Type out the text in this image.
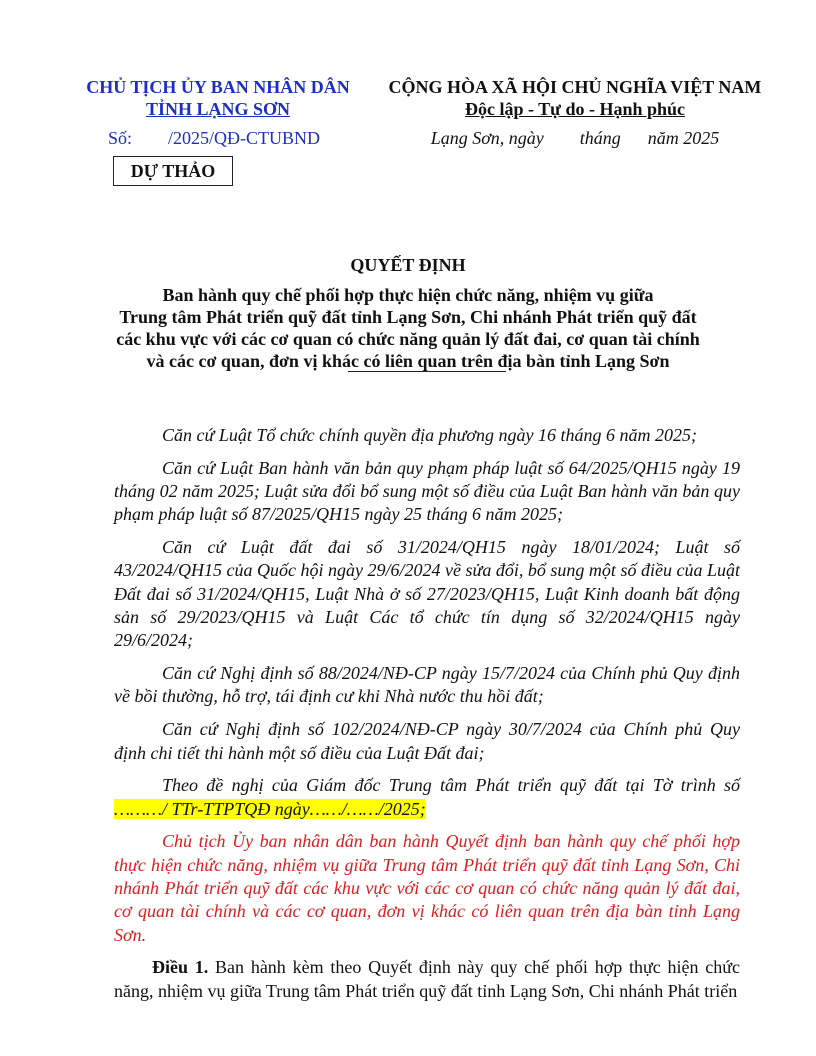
CHỦ TỊCH ỦY BAN NHÂN DÂN
TỈNH LẠNG SƠN
CỘNG HÒA XÃ HỘI CHỦ NGHĨA VIỆT NAM
Độc lập - Tự do - Hạnh phúc
Số:        /2025/QĐ-CTUBND	Lạng Sơn, ngày        tháng      năm 2025
DỰ THẢO
QUYẾT ĐỊNH
Ban hành quy chế phối hợp thực hiện chức năng, nhiệm vụ giữa
Trung tâm Phát triển quỹ đất tỉnh Lạng Sơn, Chi nhánh Phát triển quỹ đất
các khu vực với các cơ quan có chức năng quản lý đất đai, cơ quan tài chính
và các cơ quan, đơn vị khác có liên quan trên địa bàn tỉnh Lạng Sơn

Căn cứ Luật Tổ chức chính quyền địa phương ngày 16 tháng 6 năm 2025;

Căn cứ Luật Ban hành văn bản quy phạm pháp luật số 64/2025/QH15 ngày 19 tháng 02 năm 2025; Luật sửa đổi bổ sung một số điều của Luật Ban hành văn bản quy phạm pháp luật số 87/2025/QH15 ngày 25 tháng 6 năm 2025;

Căn cứ Luật đất đai số 31/2024/QH15 ngày 18/01/2024; Luật số 43/2024/QH15 của Quốc hội ngày 29/6/2024 về sửa đổi, bổ sung một số điều của Luật Đất đai số 31/2024/QH15, Luật Nhà ở số 27/2023/QH15, Luật Kinh doanh bất động sản số 29/2023/QH15 và Luật Các tổ chức tín dụng số 32/2024/QH15 ngày 29/6/2024;

Căn cứ Nghị định số 88/2024/NĐ-CP ngày 15/7/2024 của Chính phủ Quy định về bồi thường, hỗ trợ, tái định cư khi Nhà nước thu hồi đất;

Căn cứ Nghị định số 102/2024/NĐ-CP ngày 30/7/2024 của Chính phủ Quy định chi tiết thi hành một số điều của Luật Đất đai;

Theo đề nghị của Giám đốc Trung tâm Phát triển quỹ đất tại Tờ trình số ………/ TTr-TTPTQĐ ngày……/……/2025;

Chủ tịch Ủy ban nhân dân ban hành Quyết định ban hành quy chế phối hợp thực hiện chức năng, nhiệm vụ giữa Trung tâm Phát triển quỹ đất tỉnh Lạng Sơn, Chi nhánh Phát triển quỹ đất các khu vực với các cơ quan có chức năng quản lý đất đai, cơ quan tài chính và các cơ quan, đơn vị khác có liên quan trên địa bàn tỉnh Lạng Sơn.

Điều 1. Ban hành kèm theo Quyết định này quy chế phối hợp thực hiện chức năng, nhiệm vụ giữa Trung tâm Phát triển quỹ đất tỉnh Lạng Sơn, Chi nhánh Phát triển
